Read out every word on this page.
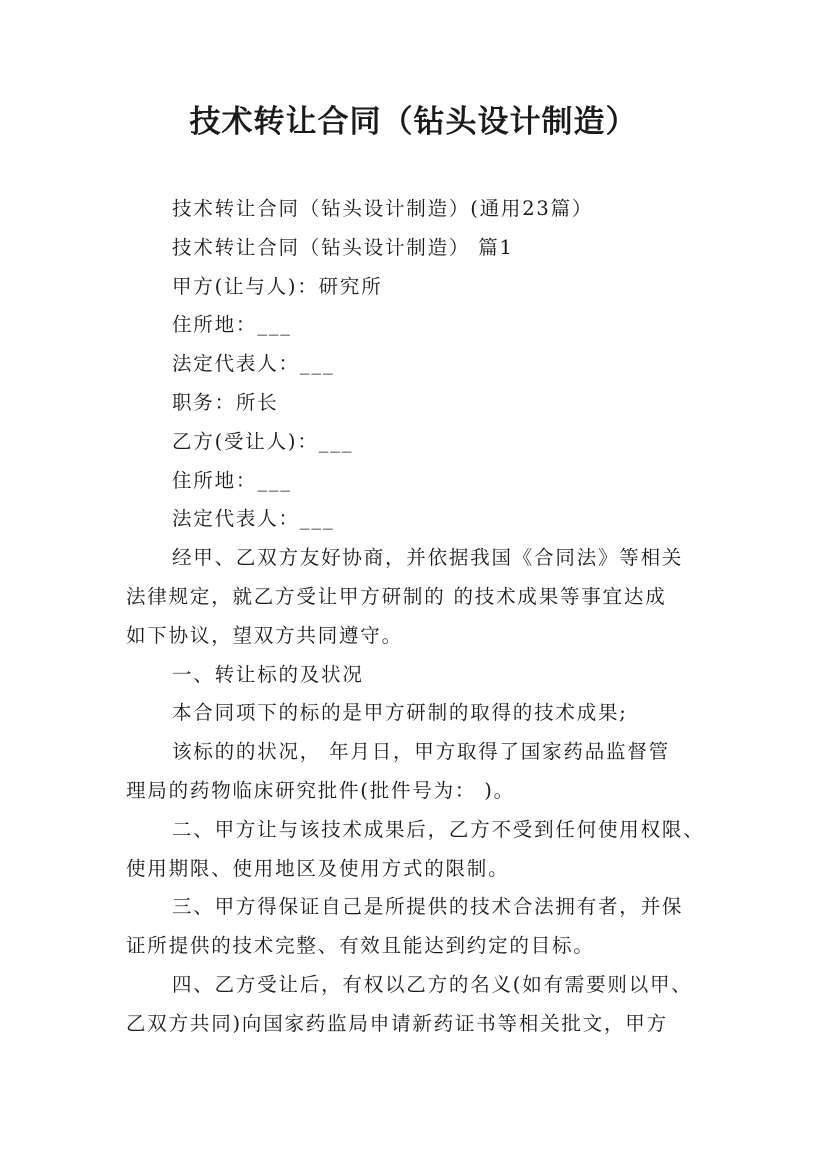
技术转让合同（钻头设计制造）

技术转让合同（钻头设计制造）(通用23篇）

技术转让合同（钻头设计制造） 篇1

甲方(让与人)：研究所

住所地：___

法定代表人：___

职务：所长

乙方(受让人)：___

住所地：___

法定代表人：___

经甲、乙双方友好协商，并依据我国《合同法》等相关

法律规定，就乙方受让甲方研制的 的技术成果等事宜达成

如下协议，望双方共同遵守。

一、转让标的及状况

本合同项下的标的是甲方研制的取得的技术成果;

该标的的状况， 年月日，甲方取得了国家药品监督管

理局的药物临床研究批件(批件号为： )。

二、甲方让与该技术成果后，乙方不受到任何使用权限、

使用期限、使用地区及使用方式的限制。

三、甲方得保证自己是所提供的技术合法拥有者，并保

证所提供的技术完整、有效且能达到约定的目标。

四、乙方受让后，有权以乙方的名义(如有需要则以甲、

乙双方共同)向国家药监局申请新药证书等相关批文，甲方
